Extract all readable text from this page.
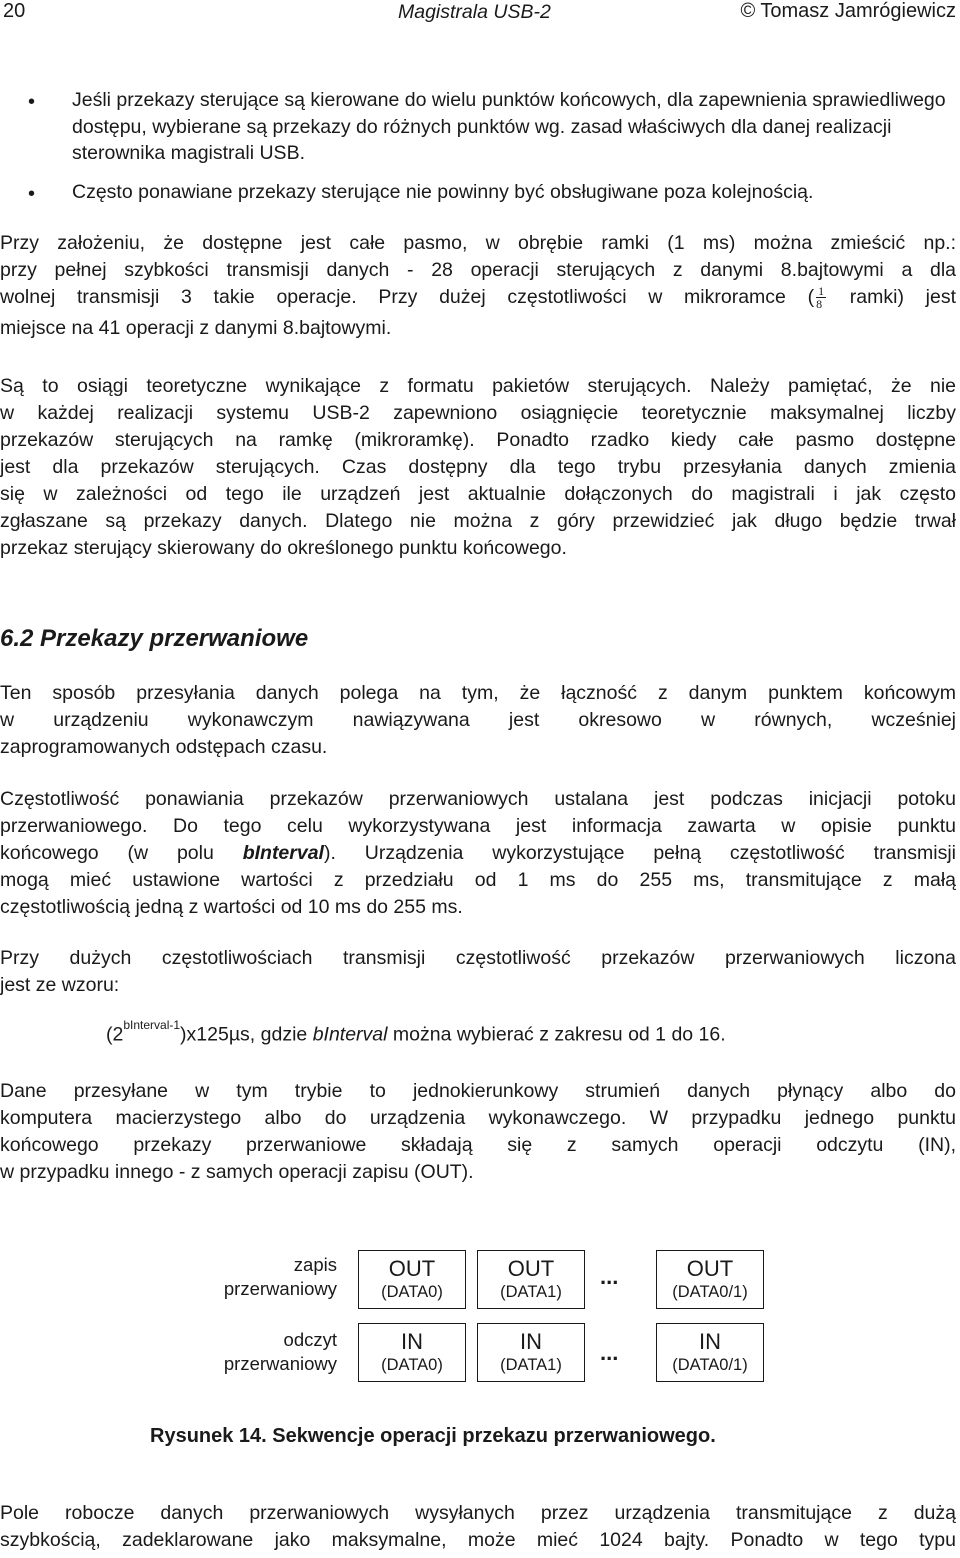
20	Magistrala USB-2	© Tomasz Jamrógiewicz
• Jeśli przekazy sterujące są kierowane do wielu punktów końcowych, dla zapewnienia sprawiedliwego dostępu, wybierane są przekazy do różnych punktów wg. zasad właściwych dla danej realizacji sterownika magistrali USB.
• Często ponawiane przekazy sterujące nie powinny być obsługiwane poza kolejnością.
Przy założeniu, że dostępne jest całe pasmo, w obrębie ramki (1 ms) można zmieścić np.:
przy pełnej szybkości transmisji danych - 28 operacji sterujących z danymi 8.bajtowymi a dla
wolnej transmisji 3 takie operacje. Przy dużej częstotliwości w mikroramce ( $\frac{1}{8}$ ramki) jest
miejsce na 41 operacji z danymi 8.bajtowymi.
Są to osiągi teoretyczne wynikające z formatu pakietów sterujących. Należy pamiętać, że nie
w każdej realizacji systemu USB-2 zapewniono osiągnięcie teoretycznie maksymalnej liczby
przekazów sterujących na ramkę (mikroramkę). Ponadto rzadko kiedy całe pasmo dostępne
jest dla przekazów sterujących. Czas dostępny dla tego trybu przesyłania danych zmienia
się w zależności od tego ile urządzeń jest aktualnie dołączonych do magistrali i jak często
zgłaszane są przekazy danych. Dlatego nie można z góry przewidzieć jak długo będzie trwał
przekaz sterujący skierowany do określonego punktu końcowego.
6.2 Przekazy przerwaniowe
Ten sposób przesyłania danych polega na tym, że łączność z danym punktem końcowym
w urządzeniu wykonawczym nawiązywana jest okresowo w równych, wcześniej
zaprogramowanych odstępach czasu.
Częstotliwość ponawiania przekazów przerwaniowych ustalana jest podczas inicjacji potoku
przerwaniowego. Do tego celu wykorzystywana jest informacja zawarta w opisie punktu
końcowego (w polu bInterval). Urządzenia wykorzystujące pełną częstotliwość transmisji
mogą mieć ustawione wartości z przedziału od 1 ms do 255 ms, transmitujące z małą
częstotliwością jedną z wartości od 10 ms do 255 ms.
Przy dużych częstotliwościach transmisji częstotliwość przekazów przerwaniowych liczona
jest ze wzoru:
$(2^{bInterval-1})x125\mu s$, gdzie bInterval można wybierać z zakresu od 1 do 16.
Dane przesyłane w tym trybie to jednokierunkowy strumień danych płynący albo do
komputera macierzystego albo do urządzenia wykonawczego. W przypadku jednego punktu
końcowego przekazy przerwaniowe składają się z samych operacji odczytu (IN),
w przypadku innego - z samych operacji zapisu (OUT).
zapis
przerwaniowy
OUT
(DATA0)
OUT
(DATA1)
...	OUT
(DATA0/1)
odczyt
przerwaniowy
IN
(DATA0)
IN
(DATA1)	...	IN
(DATA0/1)
Rysunek 14. Sekwencje operacji przekazu przerwaniowego.
Pole robocze danych przerwaniowych wysyłanych przez urządzenia transmitujące z dużą
szybkością, zadeklarowane jako maksymalne, może mieć 1024 bajty. Ponadto w tego typu
